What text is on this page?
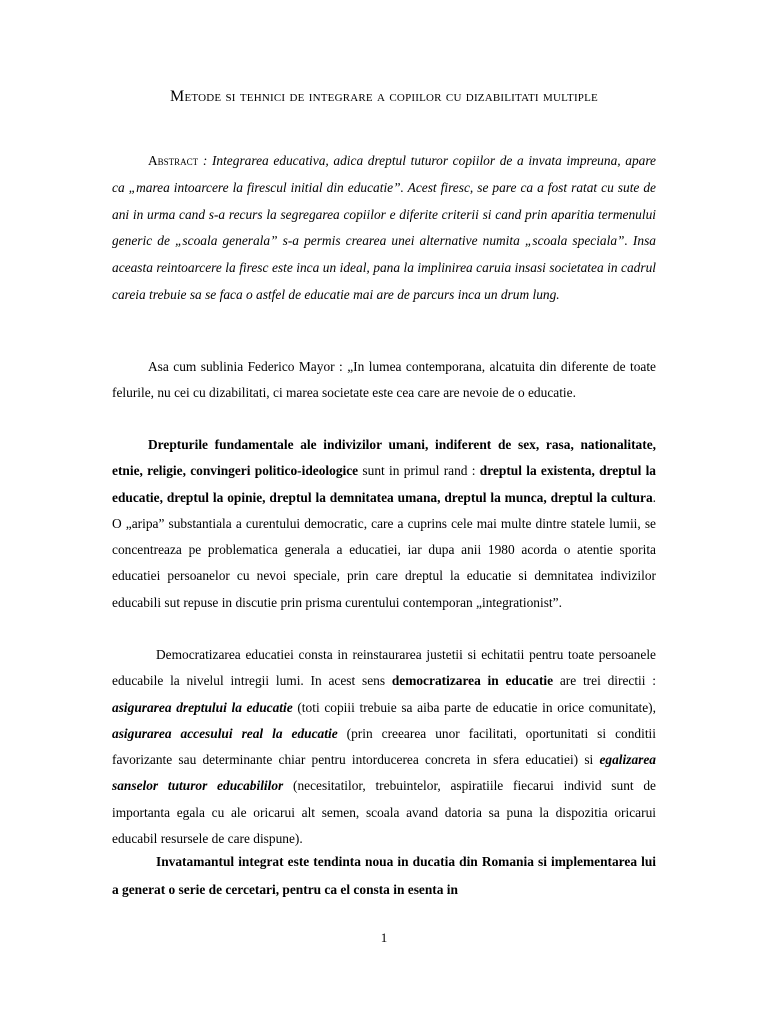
Metode si tehnici de integrare a copiilor cu dizabilitati multiple

Abstract : Integrarea educativa, adica dreptul tuturor copiilor de a invata impreuna, apare ca „marea intoarcere la firescul initial din educatie”. Acest firesc, se pare ca a fost ratat cu sute de ani in urma cand s-a recurs la segregarea copiilor e diferite criterii si cand prin aparitia termenului generic de „scoala generala” s-a permis crearea unei alternative numita „scoala speciala”. Insa aceasta reintoarcere la firesc este inca un ideal, pana la implinirea caruia insasi societatea in cadrul careia trebuie sa se faca o astfel de educatie mai are de parcurs inca un drum lung.

Asa cum sublinia Federico Mayor : „In lumea contemporana, alcatuita din diferente de toate felurile, nu cei cu dizabilitati, ci marea societate este cea care are nevoie de o educatie.

Drepturile fundamentale ale indivizilor umani, indiferent de sex, rasa, nationalitate, etnie, religie, convingeri politico-ideologice sunt in primul rand : dreptul la existenta, dreptul la educatie, dreptul la opinie, dreptul la demnitatea umana, dreptul la munca, dreptul la cultura. O „aripa” substantiala a curentului democratic, care a cuprins cele mai multe dintre statele lumii, se concentreaza pe problematica generala a educatiei, iar dupa anii 1980 acorda o atentie sporita educatiei persoanelor cu nevoi speciale, prin care dreptul la educatie si demnitatea indivizilor educabili sut repuse in discutie prin prisma curentului contemporan „integrationist”.

Democratizarea educatiei consta in reinstaurarea justetii si echitatii pentru toate persoanele educabile la nivelul intregii lumi. In acest sens democratizarea in educatie are trei directii : asigurarea dreptului la educatie (toti copiii trebuie sa aiba parte de educatie in orice comunitate), asigurarea accesului real la educatie (prin creearea unor facilitati, oportunitati si conditii favorizante sau determinante chiar pentru intorducerea concreta in sfera educatiei) si egalizarea sanselor tuturor educabililor (necesitatilor, trebuintelor, aspiratiile fiecarui individ sunt de importanta egala cu ale oricarui alt semen, scoala avand datoria sa puna la dispozitia oricarui educabil resursele de care dispune).

Invatamantul integrat este tendinta noua in ducatia din Romania si implementarea lui a generat o serie de cercetari, pentru ca el consta in esenta in

1
